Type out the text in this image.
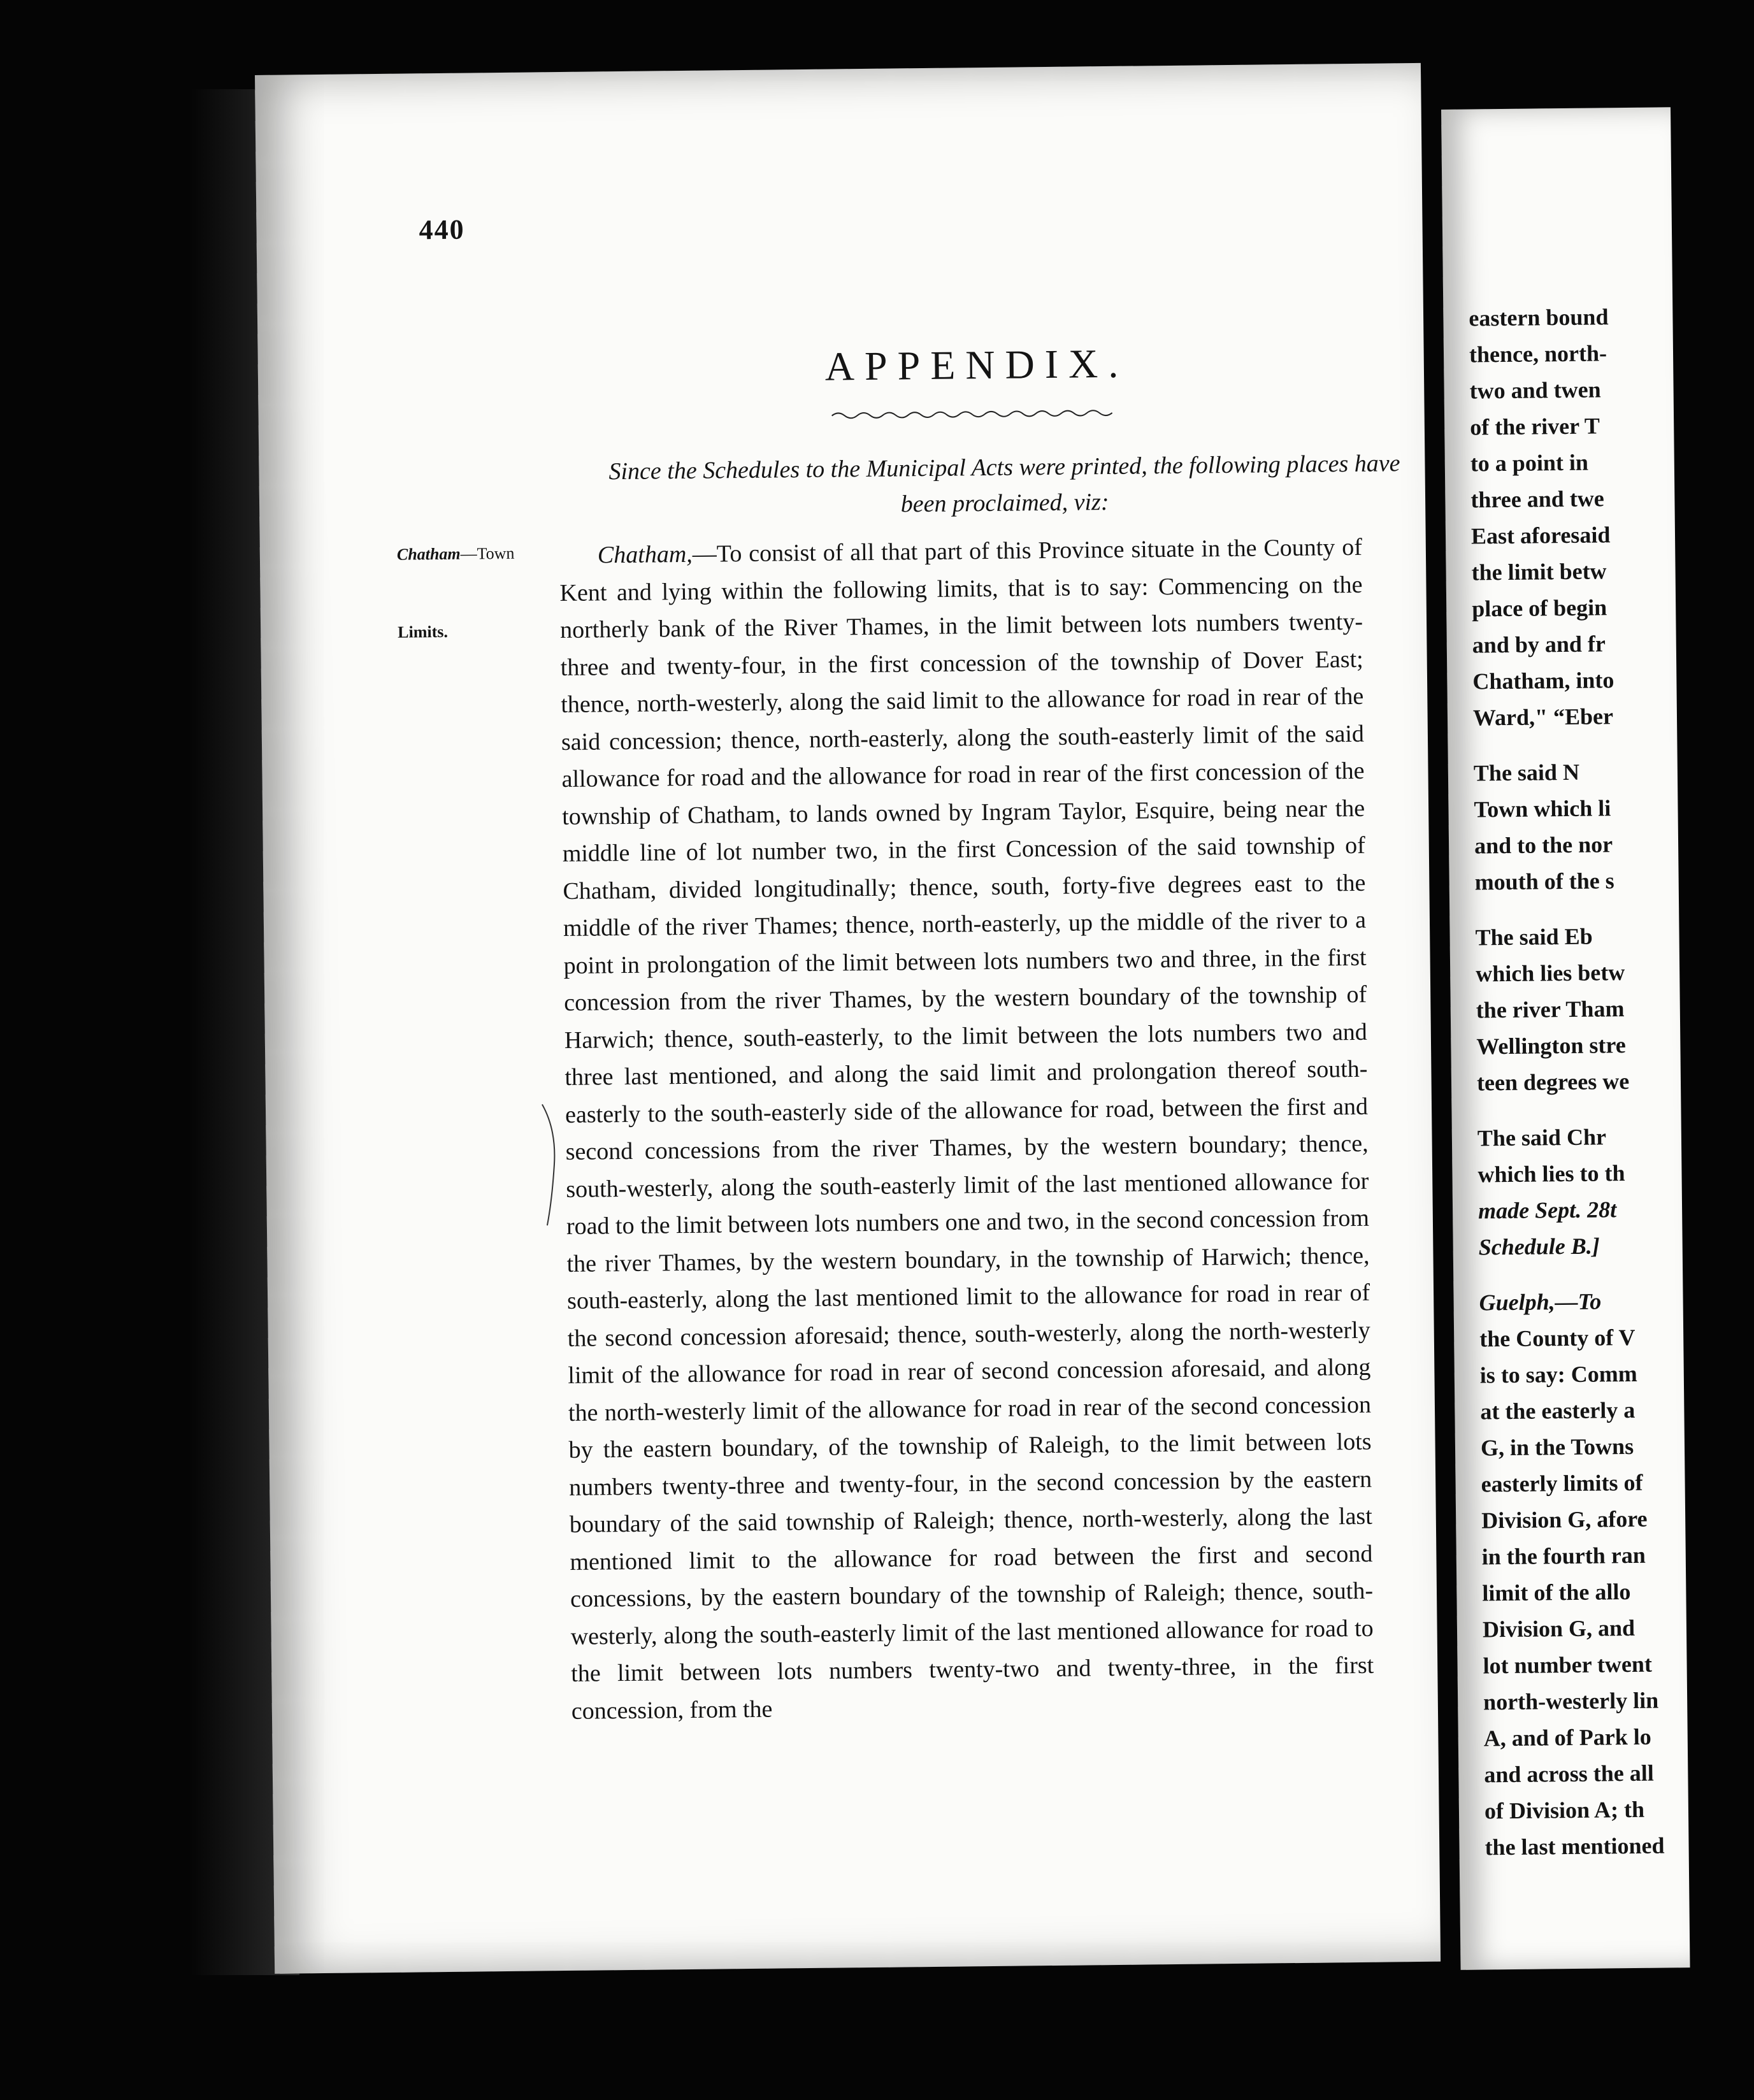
440
APPENDIX.
Since the Schedules to the Municipal Acts were printed, the following places have been proclaimed, viz:
Chatham—Town
Limits.

Chatham,—To consist of all that part of this Province situate in the County of Kent and lying within the following limits, that is to say: Commencing on the northerly bank of the River Thames, in the limit between lots numbers twenty-three and twenty-four, in the first concession of the township of Dover East; thence, north-westerly, along the said limit to the allowance for road in rear of the said concession; thence, north-easterly, along the south-easterly limit of the said allowance for road and the allowance for road in rear of the first concession of the township of Chatham, to lands owned by Ingram Taylor, Esquire, being near the middle line of lot number two, in the first Concession of the said township of Chatham, divided longitudinally; thence, south, forty-five degrees east to the middle of the river Thames; thence, north-easterly, up the middle of the river to a point in prolongation of the limit between lots numbers two and three, in the first concession from the river Thames, by the western boundary of the township of Harwich; thence, south-easterly, to the limit between the lots numbers two and three last mentioned, and along the said limit and prolongation thereof south-easterly to the south-easterly side of the allowance for road, between the first and second concessions from the river Thames, by the western boundary; thence, south-westerly, along the south-easterly limit of the last mentioned allowance for road to the limit between lots numbers one and two, in the second concession from the river Thames, by the western boundary, in the township of Harwich; thence, south-easterly, along the last mentioned limit to the allowance for road in rear of the second concession aforesaid; thence, south-westerly, along the north-westerly limit of the allowance for road in rear of second concession aforesaid, and along the north-westerly limit of the allowance for road in rear of the second concession by the eastern boundary, of the township of Raleigh, to the limit between lots numbers twenty-three and twenty-four, in the second concession by the eastern boundary of the said township of Raleigh; thence, north-westerly, along the last mentioned limit to the allowance for road between the first and second concessions, by the eastern boundary of the township of Raleigh; thence, south-westerly, along the south-easterly limit of the last mentioned allowance for road to the limit between lots numbers twenty-two and twenty-three, in the first concession, from the

eastern bound
thence, north-
two and twen
of the river T
to a point in
three and twe
East aforesaid
the limit betw
place of begin
and by and fr
Chatham, into
Ward," “Eber
The said N
Town which li
and to the nor
mouth of the s
The said Eb
which lies betw
the river Tham
Wellington stre
teen degrees we
The said Chr
which lies to th
made Sept. 28t
Schedule B.]
Guelph,—To
the County of V
is to say: Comm
at the easterly a
G, in the Towns
easterly limits of
Division G, afore
in the fourth ran
limit of the allo
Division G, and
lot number twent
north-westerly lin
A, and of Park lo
and across the all
of Division A; th
the last mentioned
